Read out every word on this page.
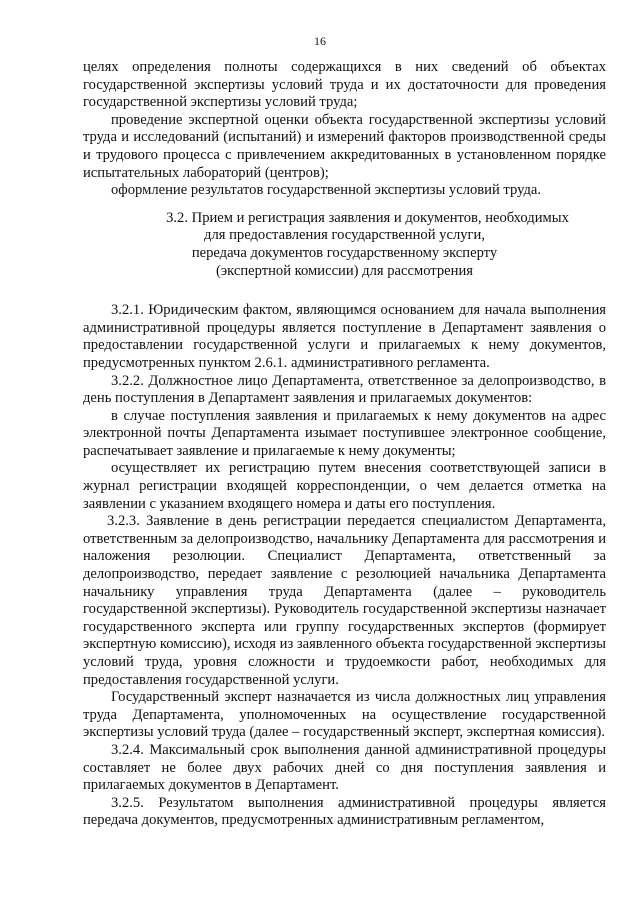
16

целях определения полноты содержащихся в них сведений об объектах государственной экспертизы условий труда и их достаточности для проведения государственной экспертизы условий труда;

проведение экспертной оценки объекта государственной экспертизы условий труда и исследований (испытаний) и измерений факторов производственной среды и трудового процесса с привлечением аккредитованных в установленном порядке испытательных лабораторий (центров);

оформление результатов государственной экспертизы условий труда.

3.2. Прием и регистрация заявления и документов, необходимых
для предоставления государственной услуги,
передача документов государственному эксперту
(экспертной комиссии) для рассмотрения

3.2.1. Юридическим фактом, являющимся основанием для начала выполнения административной процедуры является поступление в Департамент заявления о предоставлении государственной услуги и прилагаемых к нему документов, предусмотренных пунктом 2.6.1. административного регламента.

3.2.2. Должностное лицо Департамента, ответственное за делопроизводство, в день поступления в Департамент заявления и прилагаемых документов:

в случае поступления заявления и прилагаемых к нему документов на адрес электронной почты Департамента изымает поступившее электронное сообщение, распечатывает заявление и прилагаемые к нему документы;

осуществляет их регистрацию путем внесения соответствующей записи в журнал регистрации входящей корреспонденции, о чем делается отметка на заявлении с указанием входящего номера и даты его поступления.

3.2.3. Заявление в день регистрации передается специалистом Департамента, ответственным за делопроизводство, начальнику Департамента для рассмотрения и наложения резолюции. Специалист Департамента, ответственный за делопроизводство, передает заявление с резолюцией начальника Департамента начальнику управления труда Департамента (далее – руководитель государственной экспертизы). Руководитель государственной экспертизы назначает государственного эксперта или группу государственных экспертов (формирует экспертную комиссию), исходя из заявленного объекта государственной экспертизы условий труда, уровня сложности и трудоемкости работ, необходимых для предоставления государственной услуги.

Государственный эксперт назначается из числа должностных лиц управления труда Департамента, уполномоченных на осуществление государственной экспертизы условий труда (далее – государственный эксперт, экспертная комиссия).

3.2.4. Максимальный срок выполнения данной административной процедуры составляет не более двух рабочих дней со дня поступления заявления и прилагаемых документов в Департамент.

3.2.5. Результатом выполнения административной процедуры является передача документов, предусмотренных административным регламентом,
